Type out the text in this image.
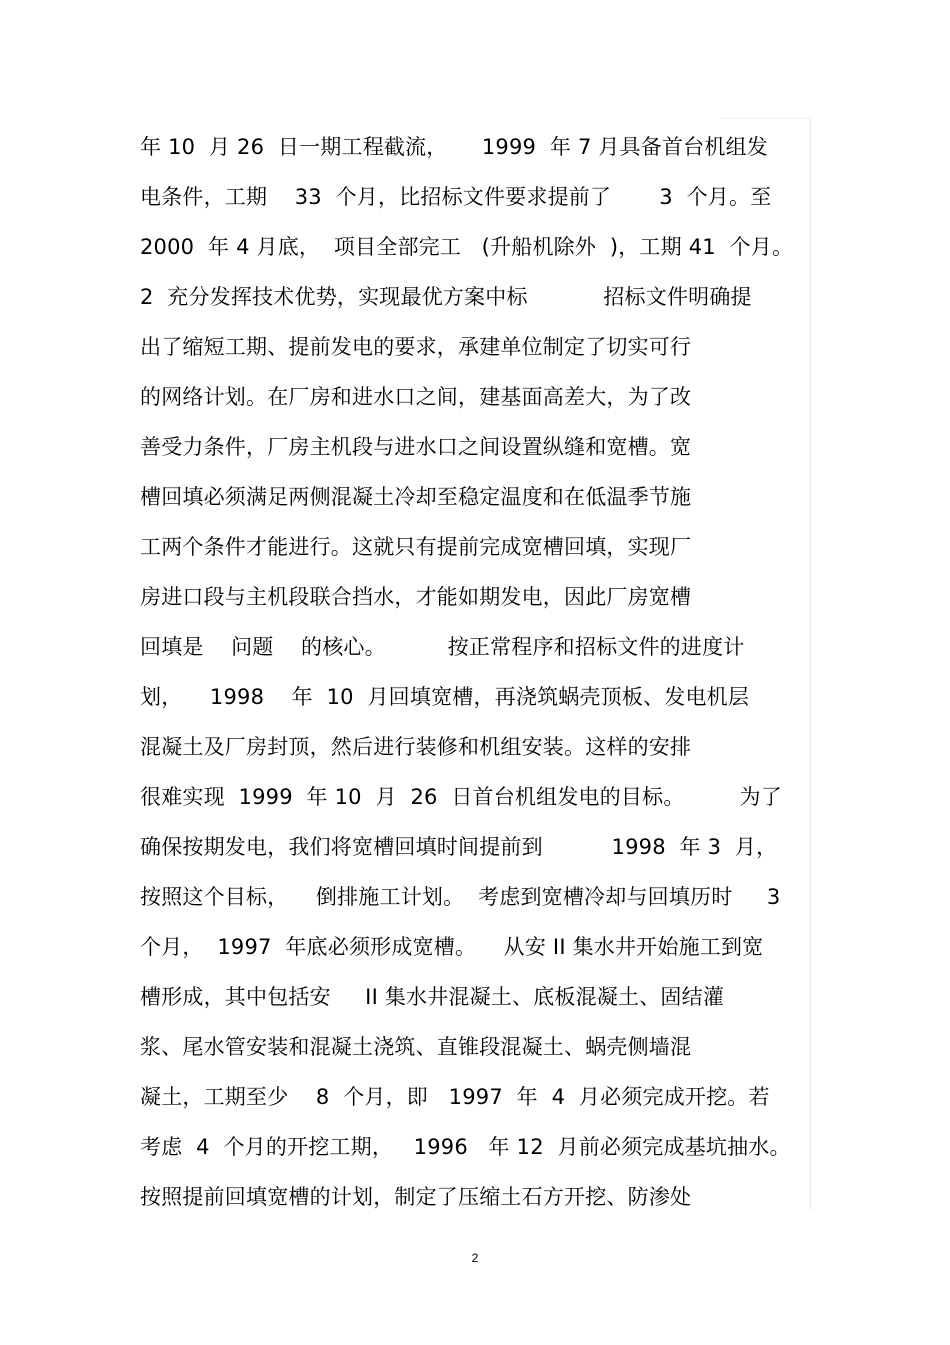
年 10  月 26  日一期工程截流，     1999  年 7 月具备首台机组发
电条件，工期    33  个月，比招标文件要求提前了       3  个月。至
2000  年 4 月底，  项目全部完工   (升船机除外  )，工期 41  个月。
2  充分发挥技术优势，实现最优方案中标           招标文件明确提
出了缩短工期、提前发电的要求，承建单位制定了切实可行
的网络计划。在厂房和进水口之间，建基面高差大，为了改
善受力条件，厂房主机段与进水口之间设置纵缝和宽槽。宽
槽回填必须满足两侧混凝土冷却至稳定温度和在低温季节施
工两个条件才能进行。这就只有提前完成宽槽回填，实现厂
房进口段与主机段联合挡水，才能如期发电，因此厂房宽槽
回填是    问题    的核心。         按正常程序和招标文件的进度计
划，    1998    年  10  月回填宽槽，再浇筑蜗壳顶板、发电机层
混凝土及厂房封顶，然后进行装修和机组安装。这样的安排
很难实现  1999  年 10  月  26  日首台机组发电的目标。        为了
确保按期发电，我们将宽槽回填时间提前到          1998  年 3  月，
按照这个目标，    倒排施工计划。  考虑到宽槽冷却与回填历时     3
个月，  1997  年底必须形成宽槽。    从安 II 集水井开始施工到宽
槽形成，其中包括安     II 集水井混凝土、底板混凝土、固结灌
浆、尾水管安装和混凝土浇筑、直锥段混凝土、蜗壳侧墙混
凝土，工期至少    8  个月，即   1997  年  4  月必须完成开挖。若
考虑  4  个月的开挖工期，   1996   年 12  月前必须完成基坑抽水。
按照提前回填宽槽的计划，制定了压缩土石方开挖、防渗处
2
